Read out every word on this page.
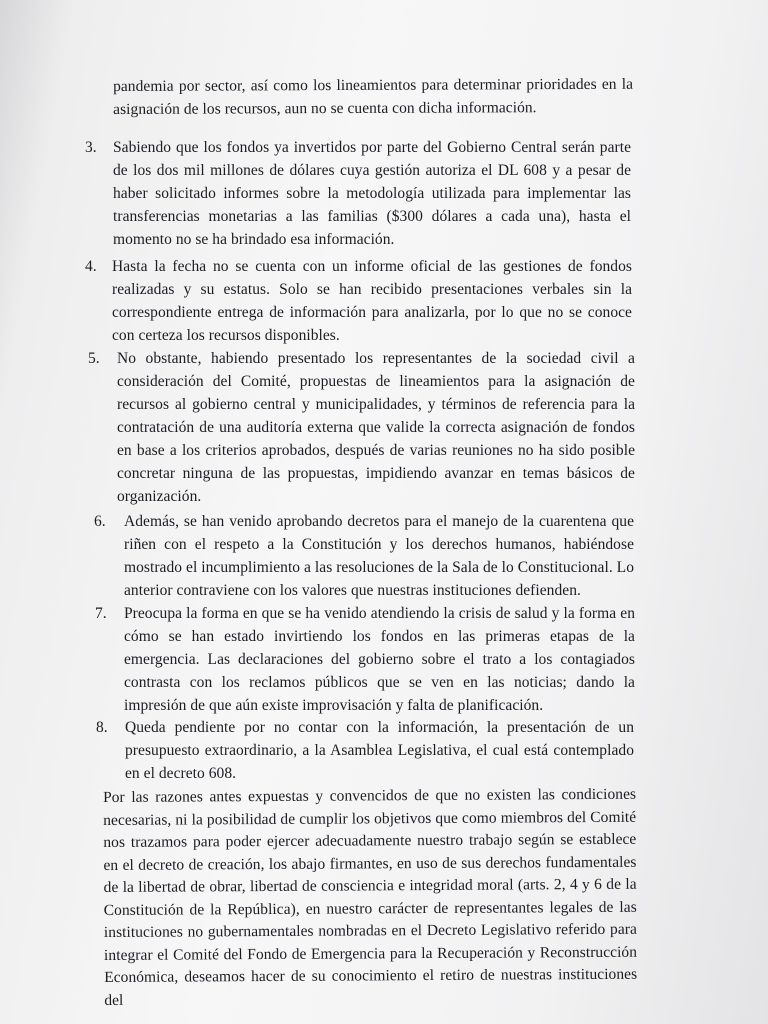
pandemia por sector, así como los lineamientos para determinar prioridades en la asignación de los recursos, aun no se cuenta con dicha información.

3. Sabiendo que los fondos ya invertidos por parte del Gobierno Central serán parte de los dos mil millones de dólares cuya gestión autoriza el DL 608 y a pesar de haber solicitado informes sobre la metodología utilizada para implementar las transferencias monetarias a las familias ($300 dólares a cada una), hasta el momento no se ha brindado esa información.
4. Hasta la fecha no se cuenta con un informe oficial de las gestiones de fondos realizadas y su estatus. Solo se han recibido presentaciones verbales sin la correspondiente entrega de información para analizarla, por lo que no se conoce con certeza los recursos disponibles.
5. No obstante, habiendo presentado los representantes de la sociedad civil a consideración del Comité, propuestas de lineamientos para la asignación de recursos al gobierno central y municipalidades, y términos de referencia para la contratación de una auditoría externa que valide la correcta asignación de fondos en base a los criterios aprobados, después de varias reuniones no ha sido posible concretar ninguna de las propuestas, impidiendo avanzar en temas básicos de organización.
6. Además, se han venido aprobando decretos para el manejo de la cuarentena que riñen con el respeto a la Constitución y los derechos humanos, habiéndose mostrado el incumplimiento a las resoluciones de la Sala de lo Constitucional. Lo anterior contraviene con los valores que nuestras instituciones defienden.
7. Preocupa la forma en que se ha venido atendiendo la crisis de salud y la forma en cómo se han estado invirtiendo los fondos en las primeras etapas de la emergencia. Las declaraciones del gobierno sobre el trato a los contagiados contrasta con los reclamos públicos que se ven en las noticias; dando la impresión de que aún existe improvisación y falta de planificación.
8. Queda pendiente por no contar con la información, la presentación de un presupuesto extraordinario, a la Asamblea Legislativa, el cual está contemplado en el decreto 608.

Por las razones antes expuestas y convencidos de que no existen las condiciones necesarias, ni la posibilidad de cumplir los objetivos que como miembros del Comité nos trazamos para poder ejercer adecuadamente nuestro trabajo según se establece en el decreto de creación, los abajo firmantes, en uso de sus derechos fundamentales de la libertad de obrar, libertad de consciencia e integridad moral (arts. 2, 4 y 6 de la Constitución de la República), en nuestro carácter de representantes legales de las instituciones no gubernamentales nombradas en el Decreto Legislativo referido para integrar el Comité del Fondo de Emergencia para la Recuperación y Reconstrucción Económica, deseamos hacer de su conocimiento el retiro de nuestras instituciones del
